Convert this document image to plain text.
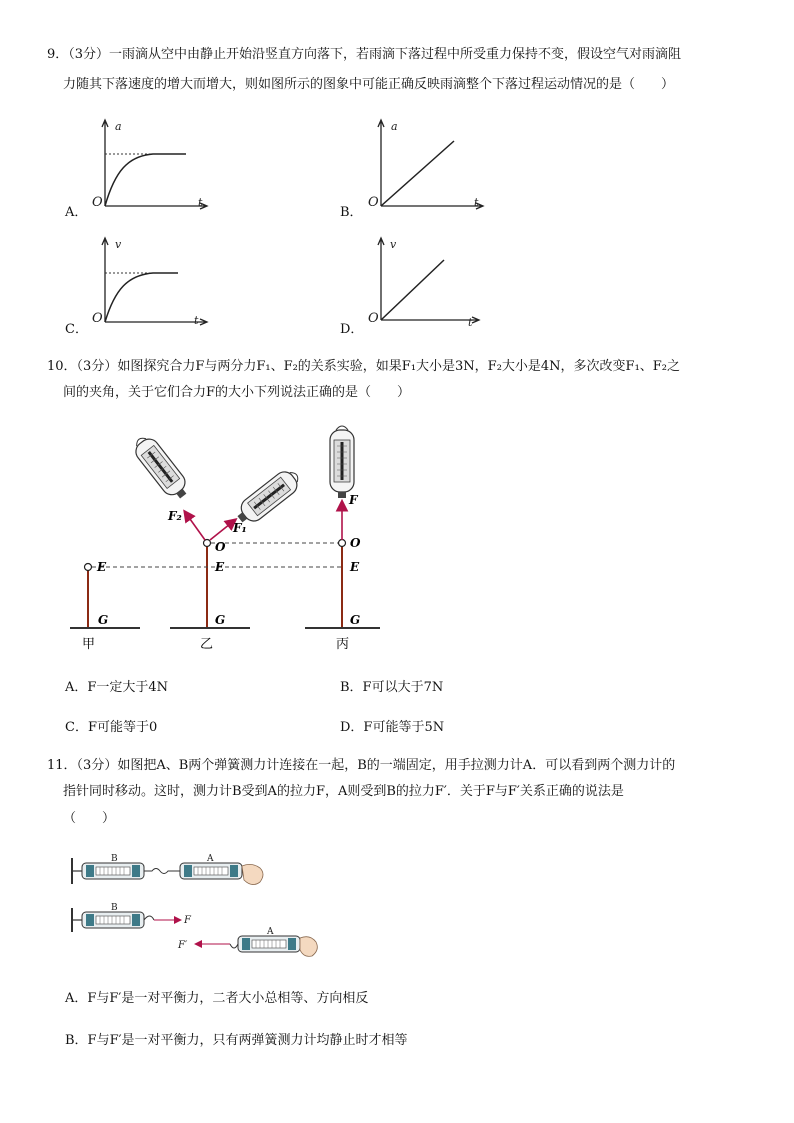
9．（3分）一雨滴从空中由静止开始沿竖直方向落下，若雨滴下落过程中所受重力保持不变，假设空气对雨滴阻
力随其下落速度的增大而增大，则如图所示的图象中可能正确反映雨滴整个下落过程运动情况的是（　　）
A．
a
t
O
B．
a
t
O
C．
v
t
O
D．
v
t
O
10．（3分）如图探究合力F与两分力F₁、F₂的关系实验，如果F₁大小是3N，F₂大小是4N，多次改变F₁、F₂之
间的夹角，关于它们合力F的大小下列说法正确的是（　　）
F₂
F₁
F
O	O
E	E	E
G	G	G
甲	乙	丙
A．F一定大于4N	B．F可以大于7N
C．F可能等于0	D．F可能等于5N
11．（3分）如图把A、B两个弹簧测力计连接在一起，B的一端固定，用手拉测力计A．可以看到两个测力计的
指针同时移动。这时，测力计B受到A的拉力F，A则受到B的拉力F′．关于F与F′关系正确的说法是
（　　）
B	A
B
F
F′
A
A．F与F′是一对平衡力，二者大小总相等、方向相反
B．F与F′是一对平衡力，只有两弹簧测力计均静止时才相等
